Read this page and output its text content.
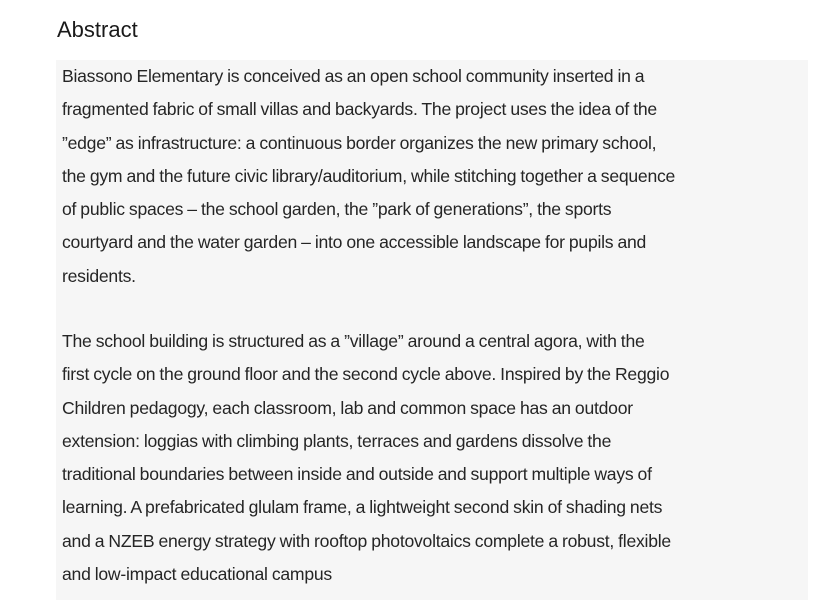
Abstract

Biassono Elementary is conceived as an open school community inserted in a
fragmented fabric of small villas and backyards. The project uses the idea of the
”edge” as infrastructure: a continuous border organizes the new primary school,
the gym and the future civic library/auditorium, while stitching together a sequence
of public spaces – the school garden, the ”park of generations”, the sports
courtyard and the water garden – into one accessible landscape for pupils and
residents.

The school building is structured as a ”village” around a central agora, with the
first cycle on the ground floor and the second cycle above. Inspired by the Reggio
Children pedagogy, each classroom, lab and common space has an outdoor
extension: loggias with climbing plants, terraces and gardens dissolve the
traditional boundaries between inside and outside and support multiple ways of
learning. A prefabricated glulam frame, a lightweight second skin of shading nets
and a NZEB energy strategy with rooftop photovoltaics complete a robust, flexible
and low-impact educational campus
